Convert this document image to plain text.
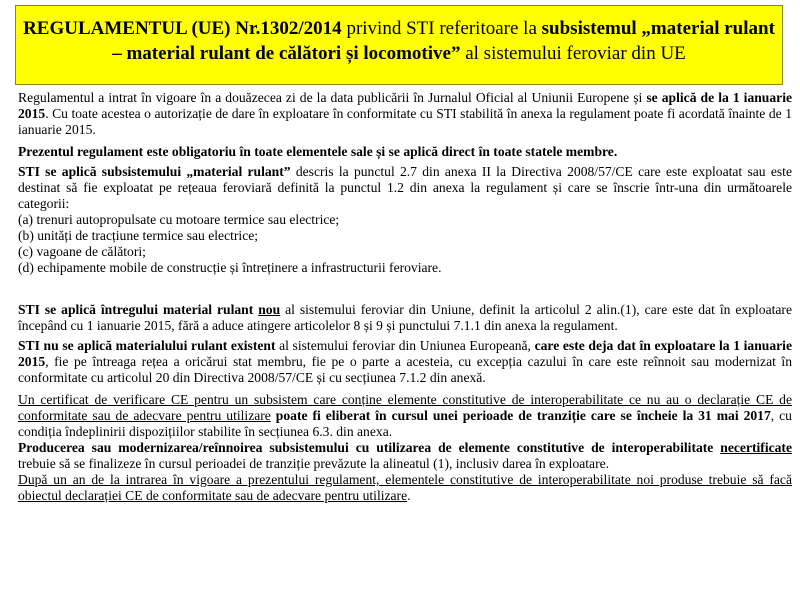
REGULAMENTUL (UE) Nr.1302/2014 privind STI referitoare la subsistemul „material rulant – material rulant de călători și locomotive” al sistemului feroviar din UE

Regulamentul a intrat în vigoare în a douăzecea zi de la data publicării în Jurnalul Oficial al Uniunii Europene și se aplică de la 1 ianuarie 2015. Cu toate acestea o autorizație de dare în exploatare în conformitate cu STI stabilită în anexa la regulament poate fi acordată înainte de 1 ianuarie 2015.

Prezentul regulament este obligatoriu în toate elementele sale și se aplică direct în toate statele membre.

STI se aplică subsistemului „material rulant” descris la punctul 2.7 din anexa II la Directiva 2008/57/CE care este exploatat sau este destinat să fie exploatat pe rețeaua feroviară definită la punctul 1.2 din anexa la regulament și care se înscrie într-una din următoarele categorii:
(a) trenuri autopropulsate cu motoare termice sau electrice;
(b) unități de tracțiune termice sau electrice;
(c) vagoane de călători;
(d) echipamente mobile de construcție și întreținere a infrastructurii feroviare.

STI se aplică întregului material rulant nou al sistemului feroviar din Uniune, definit la articolul 2 alin.(1), care este dat în exploatare începând cu 1 ianuarie 2015, fără a aduce atingere articolelor 8 și 9 și punctului 7.1.1 din anexa la regulament.

STI nu se aplică materialului rulant existent al sistemului feroviar din Uniunea Europeană, care este deja dat în exploatare la 1 ianuarie 2015, fie pe întreaga rețea a oricărui stat membru, fie pe o parte a acesteia, cu excepția cazului în care este reînnoit sau modernizat în conformitate cu articolul 20 din Directiva 2008/57/CE și cu secțiunea 7.1.2 din anexă.

Un certificat de verificare CE pentru un subsistem care conține elemente constitutive de interoperabilitate ce nu au o declarație CE de conformitate sau de adecvare pentru utilizare poate fi eliberat în cursul unei perioade de tranziție care se încheie la 31 mai 2017, cu condiția îndeplinirii dispozițiilor stabilite în secțiunea 6.3. din anexa.

Producerea sau modernizarea/reînnoirea subsistemului cu utilizarea de elemente constitutive de interoperabilitate necertificate trebuie să se finalizeze în cursul perioadei de tranziție prevăzute la alineatul (1), inclusiv darea în exploatare.

După un an de la intrarea în vigoare a prezentului regulament, elementele constitutive de interoperabilitate noi produse trebuie să facă obiectul declarației CE de conformitate sau de adecvare pentru utilizare.
